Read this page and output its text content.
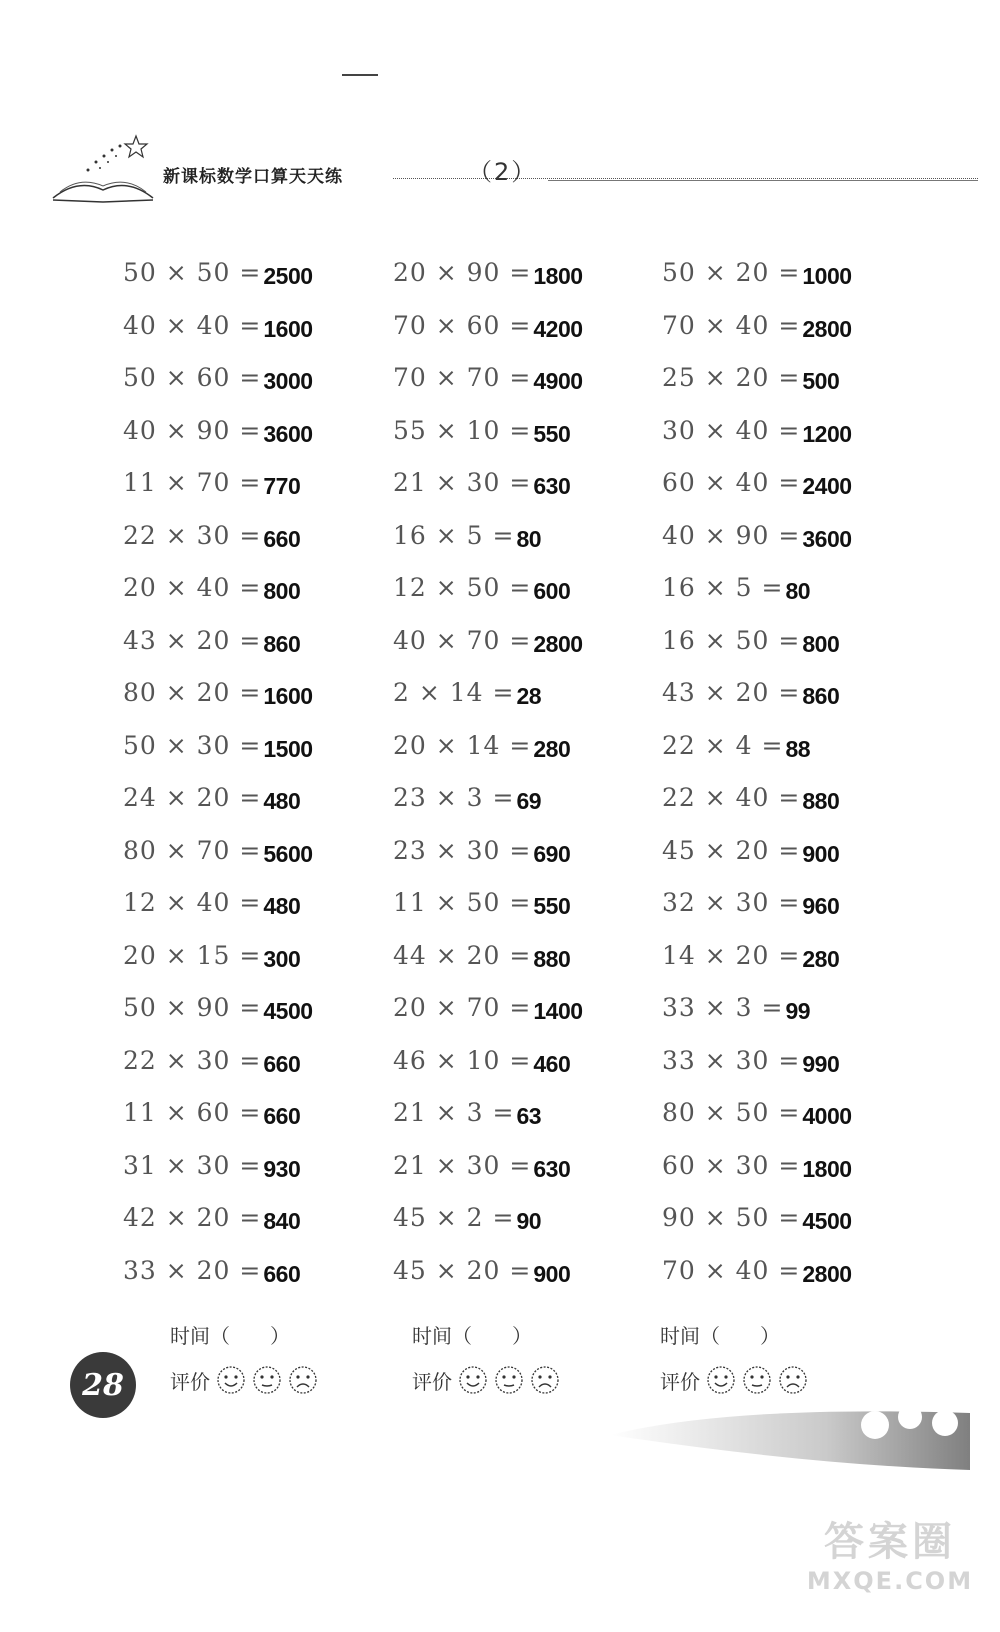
新课标数学口算天天练	（2）
50 × 50 = 2500
40 × 40 = 1600
50 × 60 = 3000
40 × 90 = 3600
11 × 70 = 770
22 × 30 = 660
20 × 40 = 800
43 × 20 = 860
80 × 20 = 1600
50 × 30 = 1500
24 × 20 = 480
80 × 70 = 5600
12 × 40 = 480
20 × 15 = 300
50 × 90 = 4500
22 × 30 = 660
11 × 60 = 660
31 × 30 = 930
42 × 20 = 840
33 × 20 = 660
20 × 90 = 1800
70 × 60 = 4200
70 × 70 = 4900
55 × 10 = 550
21 × 30 = 630
16 × 5 = 80
12 × 50 = 600
40 × 70 = 2800
2 × 14 = 28
20 × 14 = 280
23 × 3 = 69
23 × 30 = 690
11 × 50 = 550
44 × 20 = 880
20 × 70 = 1400
46 × 10 = 460
21 × 3 = 63
21 × 30 = 630
45 × 2 = 90
45 × 20 = 900
50 × 20 = 1000
70 × 40 = 2800
25 × 20 = 500
30 × 40 = 1200
60 × 40 = 2400
40 × 90 = 3600
16 × 5 = 80
16 × 50 = 800
43 × 20 = 860
22 × 4 = 88
22 × 40 = 880
45 × 20 = 900
32 × 30 = 960
14 × 20 = 280
33 × 3 = 99
33 × 30 = 990
80 × 50 = 4000
60 × 30 = 1800
90 × 50 = 4500
70 × 40 = 2800
时间（　　）
评价
时间（　　）
评价
时间（　　）
评价
28
答案圈
MXQE.COM
